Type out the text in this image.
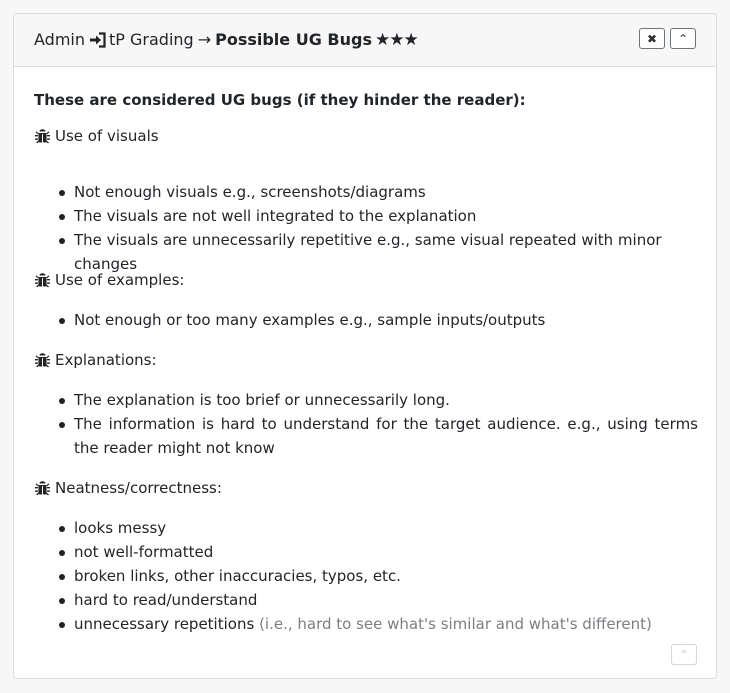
Admin tP Grading → Possible UG Bugs ★★★	✖ ⌃
These are considered UG bugs (if they hinder the reader):
Use of visuals
Not enough visuals e.g., screenshots/diagrams
The visuals are not well integrated to the explanation
The visuals are unnecessarily repetitive e.g., same visual repeated with minor changes
Use of examples:
Not enough or too many examples e.g., sample inputs/outputs
Explanations:
The explanation is too brief or unnecessarily long.
The information is hard to understand for the target audience. e.g., using terms the reader might not know
Neatness/correctness:
looks messy
not well-formatted
broken links, other inaccuracies, typos, etc.
hard to read/understand
unnecessary repetitions (i.e., hard to see what's similar and what's different)
⌃
